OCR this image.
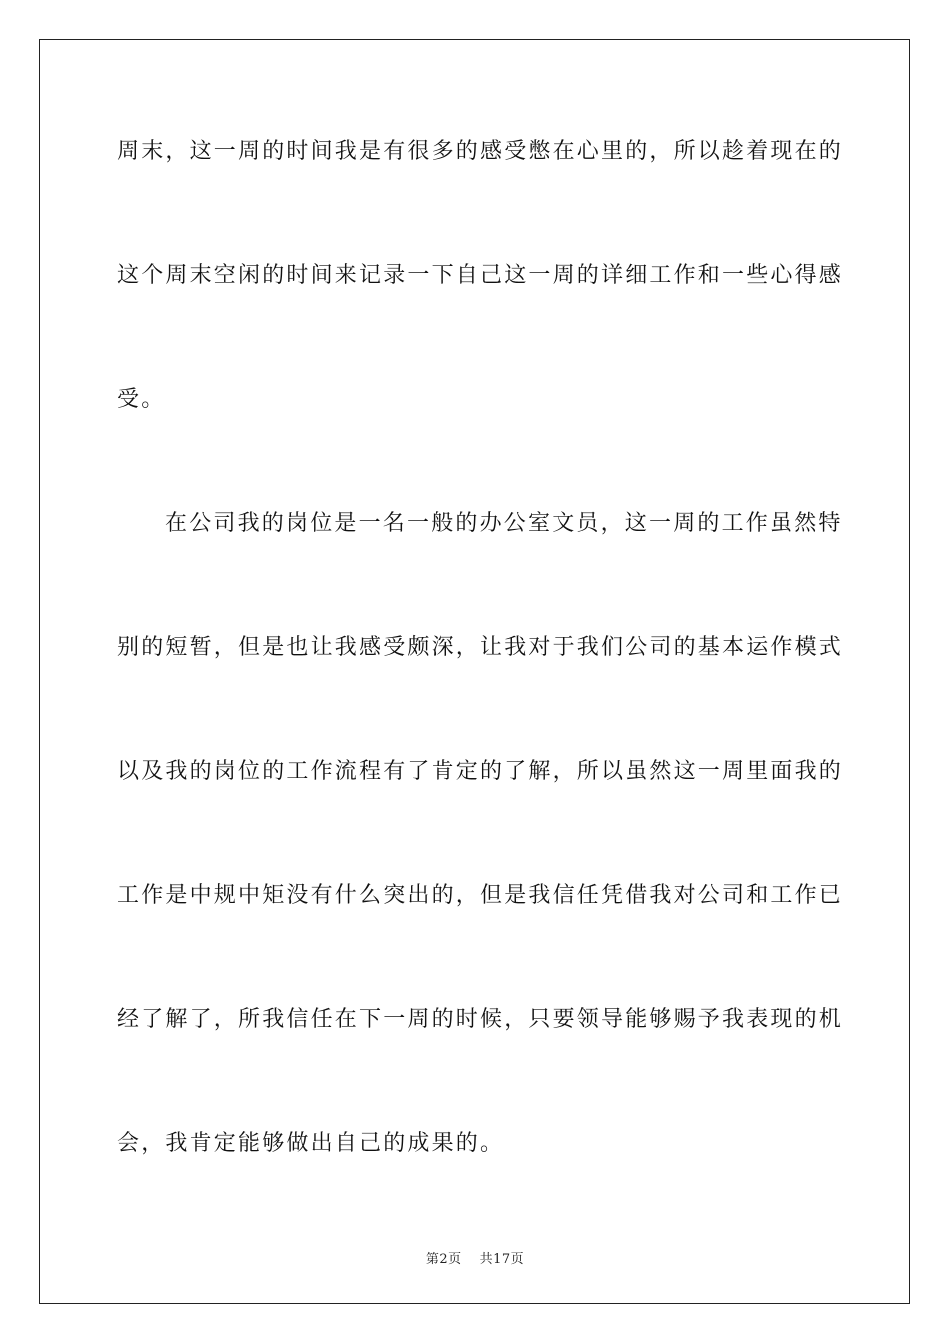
周末，这一周的时间我是有很多的感受憋在心里的，所以趁着现在的
这个周末空闲的时间来记录一下自己这一周的详细工作和一些心得感
受。
在公司我的岗位是一名一般的办公室文员，这一周的工作虽然特
别的短暂，但是也让我感受颇深，让我对于我们公司的基本运作模式
以及我的岗位的工作流程有了肯定的了解，所以虽然这一周里面我的
工作是中规中矩没有什么突出的，但是我信任凭借我对公司和工作已
经了解了，所我信任在下一周的时候，只要领导能够赐予我表现的机
会，我肯定能够做出自己的成果的。
第2页 共17页
